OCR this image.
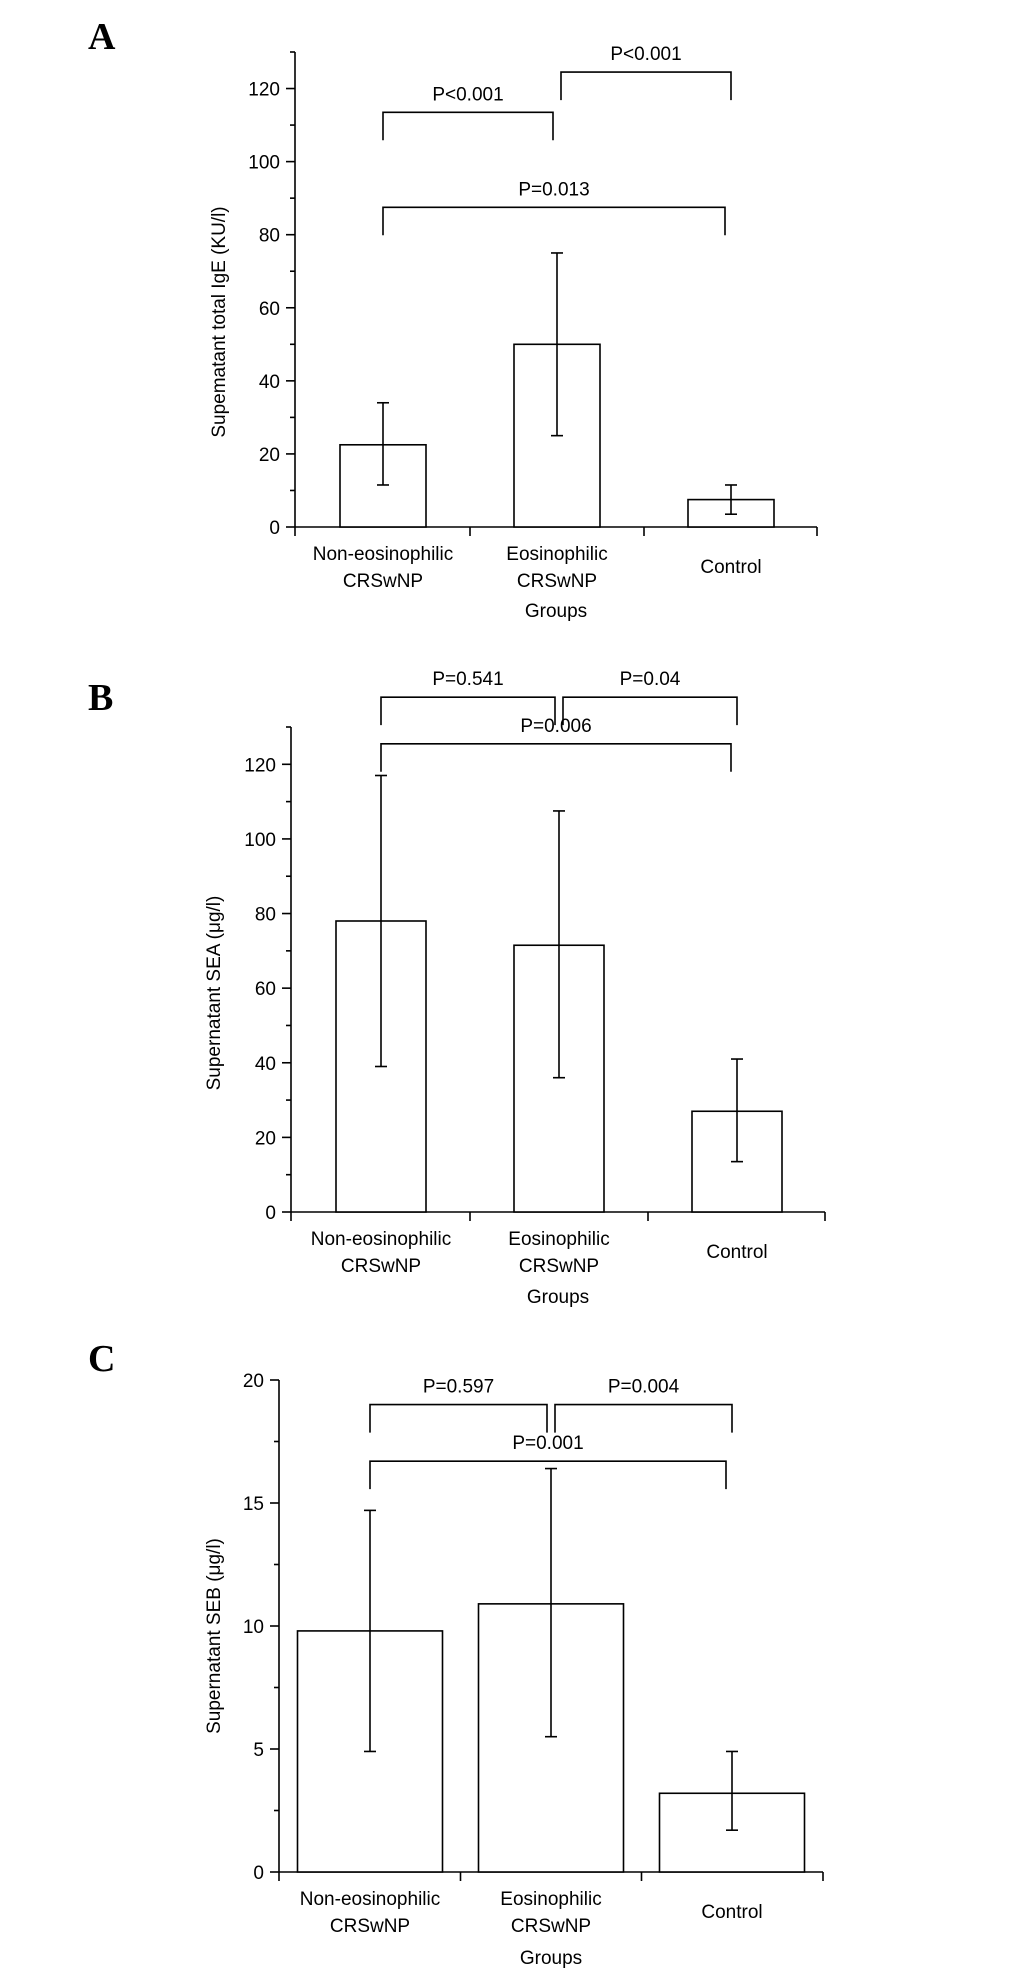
A
0
20
40
60
80
100
120
Non-eosinophilic
CRSwNP
Eosinophilic
CRSwNP
Control
P<0.001
P<0.001
P=0.013
Groups
Supematant total IgE (KU/l)
B
0
20
40
60
80
100
120
Non-eosinophilic
CRSwNP
Eosinophilic
CRSwNP
Control
P=0.541	P=0.04
P=0.006
Groups
Supernatant SEA (μg/l)
C
0
5
10
15
20
Non-eosinophilic
CRSwNP
Eosinophilic
CRSwNP
Control
P=0.597	P=0.004
P=0.001
Groups
Supernatant SEB (μg/l)
